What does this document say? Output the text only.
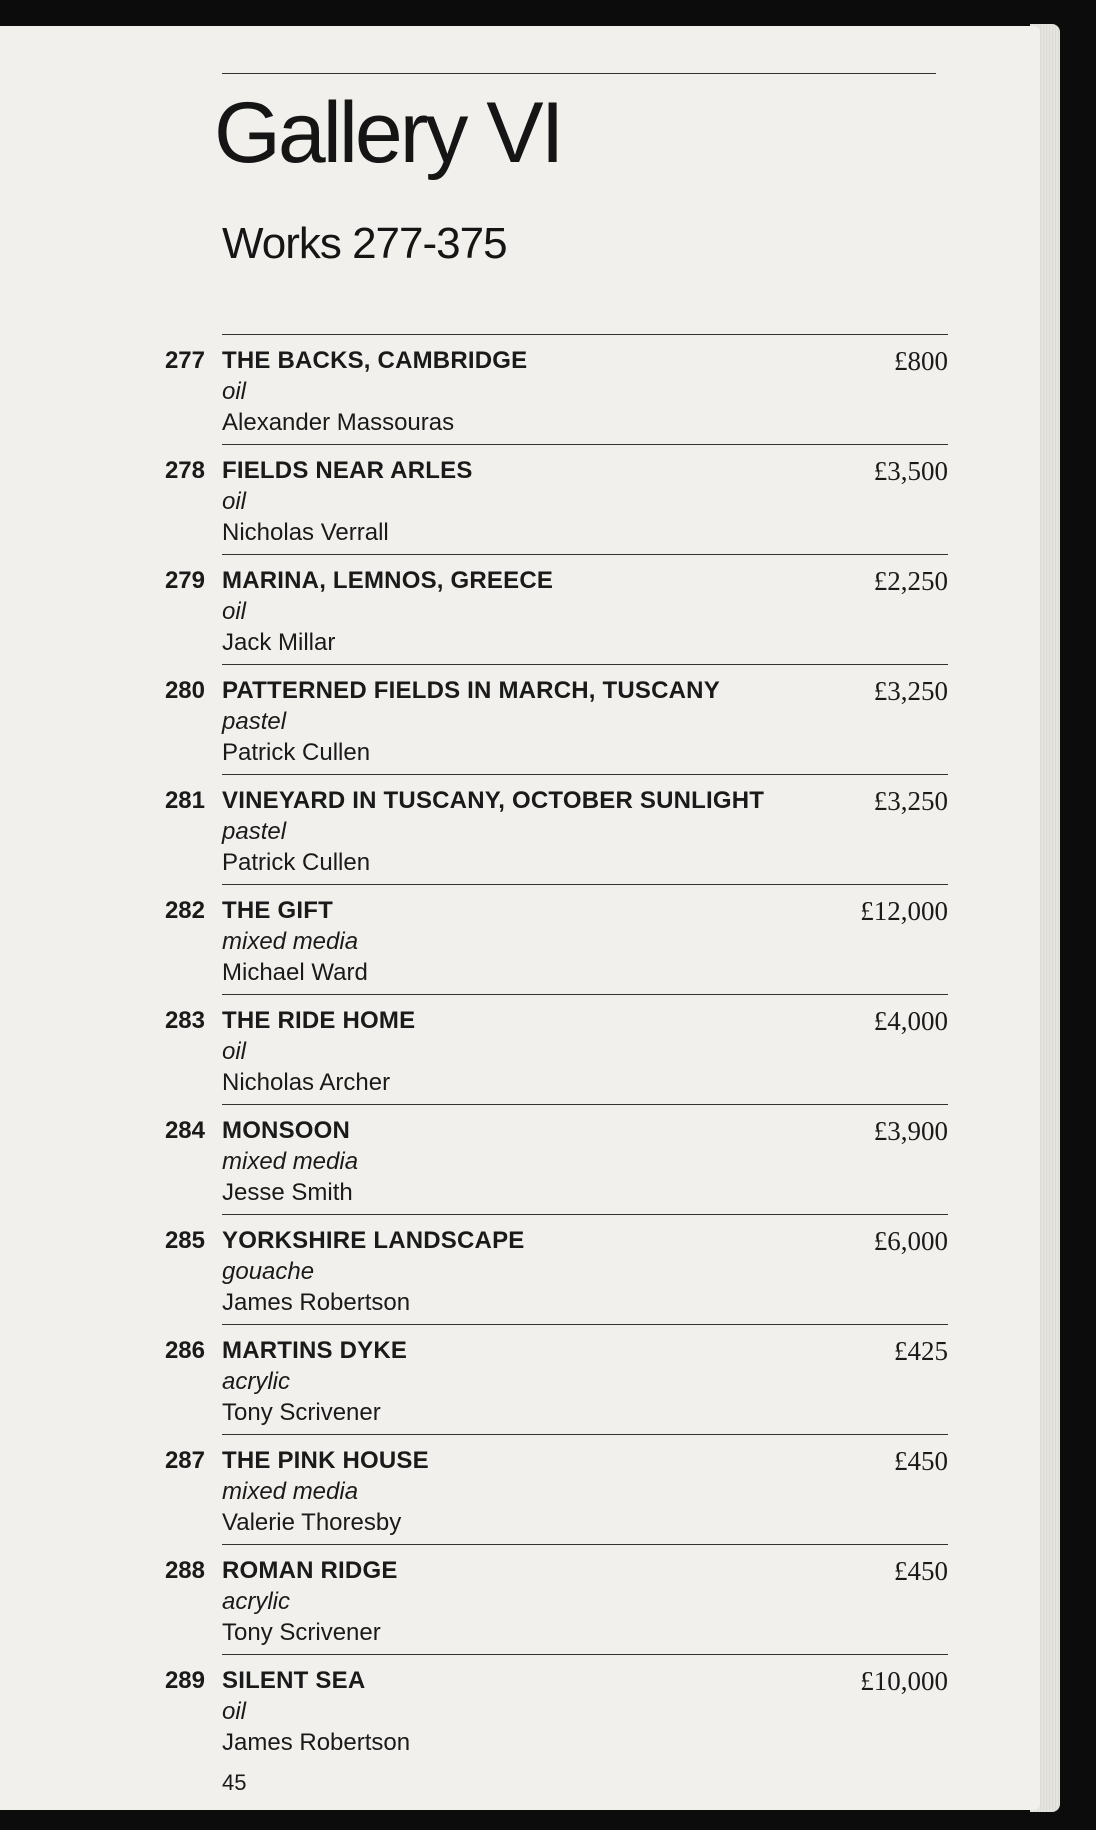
Gallery VI
Works 277-375
277 THE BACKS, CAMBRIDGE
oil
Alexander Massouras
£800
278 FIELDS NEAR ARLES
oil
Nicholas Verrall
£3,500
279 MARINA, LEMNOS, GREECE
oil
Jack Millar
£2,250
280 PATTERNED FIELDS IN MARCH, TUSCANY
pastel
Patrick Cullen
£3,250
281 VINEYARD IN TUSCANY, OCTOBER SUNLIGHT
pastel
Patrick Cullen
£3,250
282 THE GIFT
mixed media
Michael Ward
£12,000
283 THE RIDE HOME
oil
Nicholas Archer
£4,000
284 MONSOON
mixed media
Jesse Smith
£3,900
285 YORKSHIRE LANDSCAPE
gouache
James Robertson
£6,000
286 MARTINS DYKE
acrylic
Tony Scrivener
£425
287 THE PINK HOUSE
mixed media
Valerie Thoresby
£450
288 ROMAN RIDGE
acrylic
Tony Scrivener
£450
289 SILENT SEA
oil
James Robertson
£10,000
45
